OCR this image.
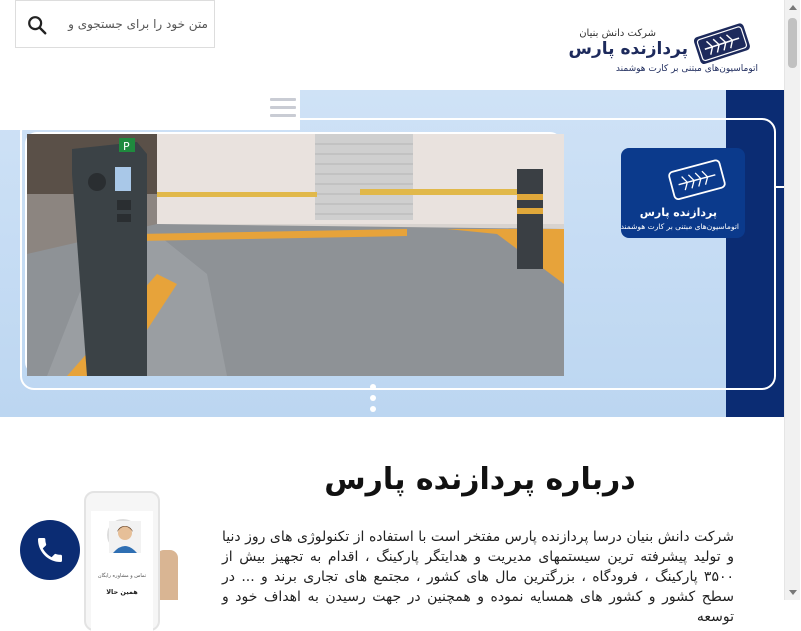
متن خود را برای جستجوی و
شرکت دانش بنیان
پردازنده پارس
اتوماسیون‌های مبتنی بر کارت هوشمند
P
پردازنده پارس
اتوماسیون‌های مبتنی بر کارت هوشمند
درباره پردازنده پارس
شرکت دانش بنیان درسا پردازنده پارس مفتخر است با استفاده از تکنولوژی های روز دنیا و تولید پیشرفته ترین سیستمهای مدیریت و هدایتگر پارکینگ ، اقدام به تجهیز بیش از ۳۵۰۰ پارکینگ ، فرودگاه ، بزرگترین مال های کشور ، مجتمع های تجاری برند و ... در سطح کشور و کشور های همسایه نموده و همچنین در جهت رسیدن به اهداف خود و توسعه
تماس و مشاوره رایگان
همین حالا
